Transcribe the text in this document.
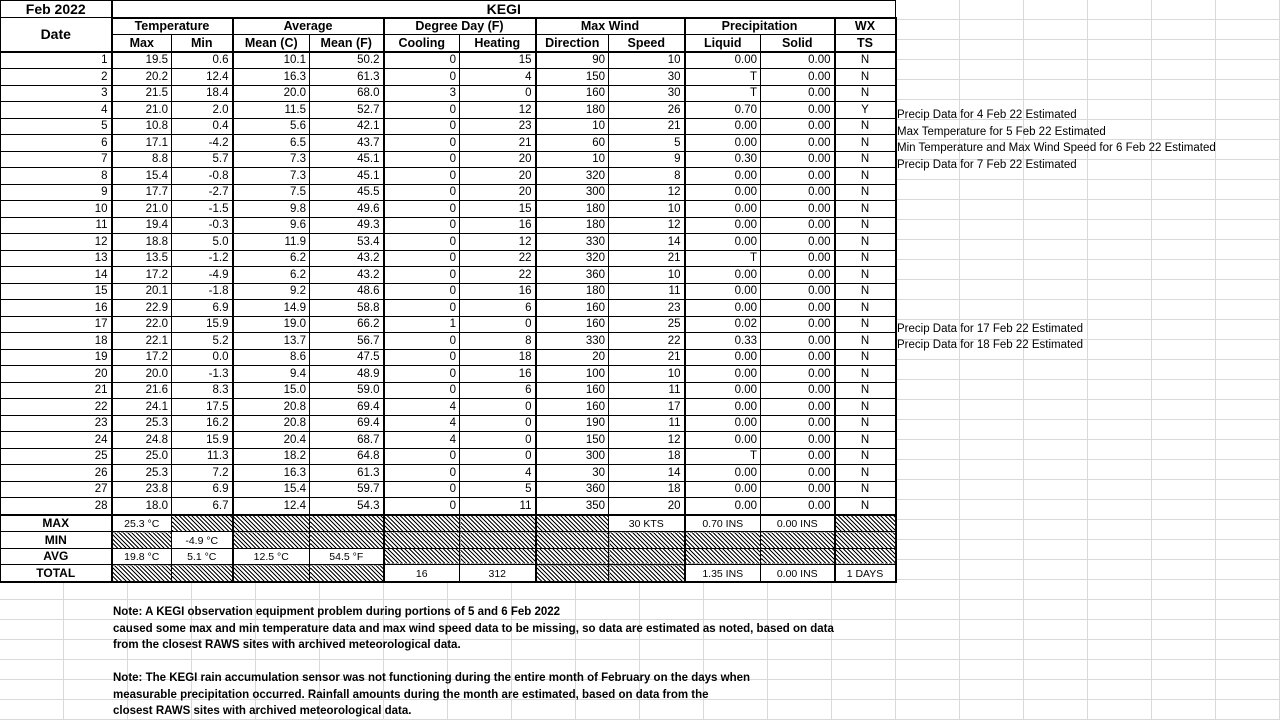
Feb 2022	KEGI										
Date	Temperature		Average		Degree Day (F)		Max Wind		Precipitation		WX
	Max	Min	Mean (C)	Mean (F)	Cooling	Heating	Direction	Speed	Liquid	Solid	TS
1	19.5	0.6	10.1	50.2	0	15	90	10	0.00	0.00	N
2	20.2	12.4	16.3	61.3	0	4	150	30	T	0.00	N
3	21.5	18.4	20.0	68.0	3	0	160	30	T	0.00	N
4	21.0	2.0	11.5	52.7	0	12	180	26	0.70	0.00	Y
5	10.8	0.4	5.6	42.1	0	23	10	21	0.00	0.00	N
6	17.1	-4.2	6.5	43.7	0	21	60	5	0.00	0.00	N
7	8.8	5.7	7.3	45.1	0	20	10	9	0.30	0.00	N
8	15.4	-0.8	7.3	45.1	0	20	320	8	0.00	0.00	N
9	17.7	-2.7	7.5	45.5	0	20	300	12	0.00	0.00	N
10	21.0	-1.5	9.8	49.6	0	15	180	10	0.00	0.00	N
11	19.4	-0.3	9.6	49.3	0	16	180	12	0.00	0.00	N
12	18.8	5.0	11.9	53.4	0	12	330	14	0.00	0.00	N
13	13.5	-1.2	6.2	43.2	0	22	320	21	T	0.00	N
14	17.2	-4.9	6.2	43.2	0	22	360	10	0.00	0.00	N
15	20.1	-1.8	9.2	48.6	0	16	180	11	0.00	0.00	N
16	22.9	6.9	14.9	58.8	0	6	160	23	0.00	0.00	N
17	22.0	15.9	19.0	66.2	1	0	160	25	0.02	0.00	N
18	22.1	5.2	13.7	56.7	0	8	330	22	0.33	0.00	N
19	17.2	0.0	8.6	47.5	0	18	20	21	0.00	0.00	N
20	20.0	-1.3	9.4	48.9	0	16	100	10	0.00	0.00	N
21	21.6	8.3	15.0	59.0	0	6	160	11	0.00	0.00	N
22	24.1	17.5	20.8	69.4	4	0	160	17	0.00	0.00	N
23	25.3	16.2	20.8	69.4	4	0	190	11	0.00	0.00	N
24	24.8	15.9	20.4	68.7	4	0	150	12	0.00	0.00	N
25	25.0	11.3	18.2	64.8	0	0	300	18	T	0.00	N
26	25.3	7.2	16.3	61.3	0	4	30	14	0.00	0.00	N
27	23.8	6.9	15.4	59.7	0	5	360	18	0.00	0.00	N
28	18.0	6.7	12.4	54.3	0	11	350	20	0.00	0.00	N
MAX	25.3 °C							30 KTS	0.70 INS	0.00 INS	
MIN		-4.9 °C									
AVG	19.8 °C	5.1 °C	12.5 °C	54.5 °F							
TOTAL					16	312			1.35 INS	0.00 INS	1 DAYS
Precip Data for 4 Feb 22 Estimated
Max Temperature for 5 Feb 22 Estimated
Min Temperature and Max Wind Speed for 6 Feb 22 Estimated
Precip Data for 7 Feb 22 Estimated
Precip Data for 17 Feb 22 Estimated
Precip Data for 18 Feb 22 Estimated
Note: A KEGI observation equipment problem during portions of 5 and 6 Feb 2022
caused some max and min temperature data and max wind speed data to be missing, so data are estimated as noted, based on data
from the closest RAWS sites with archived meteorological data.
Note: The KEGI rain accumulation sensor was not functioning during the entire month of February on the days when
measurable precipitation occurred. Rainfall amounts during the month are estimated, based on data from the
closest RAWS sites with archived meteorological data.
